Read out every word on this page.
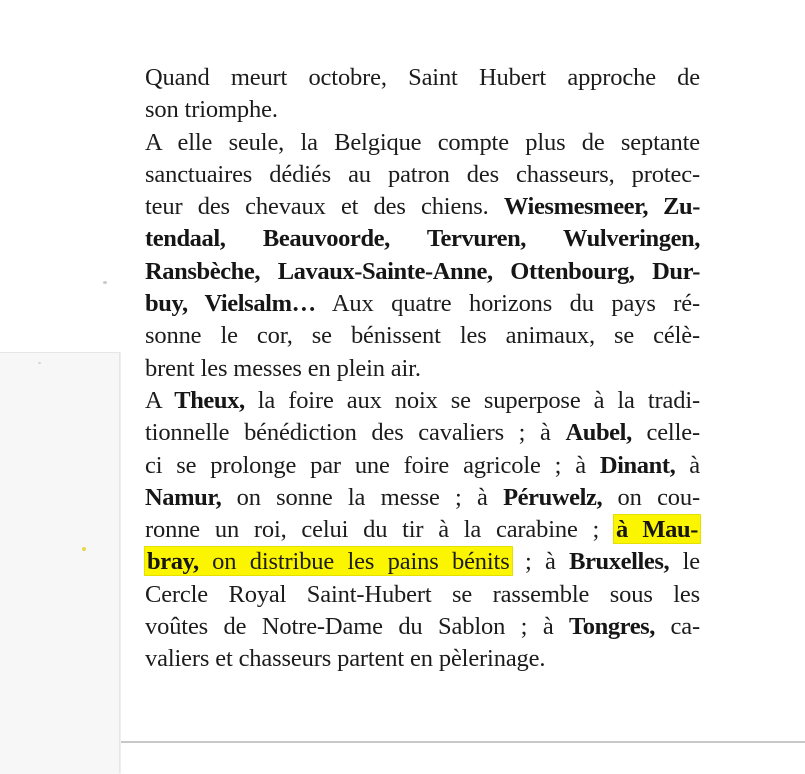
Quand meurt octobre, Saint Hubert approche de
son triomphe.
A elle seule, la Belgique compte plus de septante
sanctuaires dédiés au patron des chasseurs, protec-
teur des chevaux et des chiens. Wiesmesmeer, Zu-
tendaal, Beauvoorde, Tervuren, Wulveringen,
Ransbèche, Lavaux-Sainte-Anne, Ottenbourg, Dur-
buy, Vielsalm… Aux quatre horizons du pays ré-
sonne le cor, se bénissent les animaux, se célè-
brent les messes en plein air.
A Theux, la foire aux noix se superpose à la tradi-
tionnelle bénédiction des cavaliers ; à Aubel, celle-
ci se prolonge par une foire agricole ; à Dinant, à
Namur, on sonne la messe ; à Péruwelz, on cou-
ronne un roi, celui du tir à la carabine ; à Mau-
bray, on distribue les pains bénits ; à Bruxelles, le
Cercle Royal Saint-Hubert se rassemble sous les
voûtes de Notre-Dame du Sablon ; à Tongres, ca-
valiers et chasseurs partent en pèlerinage.
